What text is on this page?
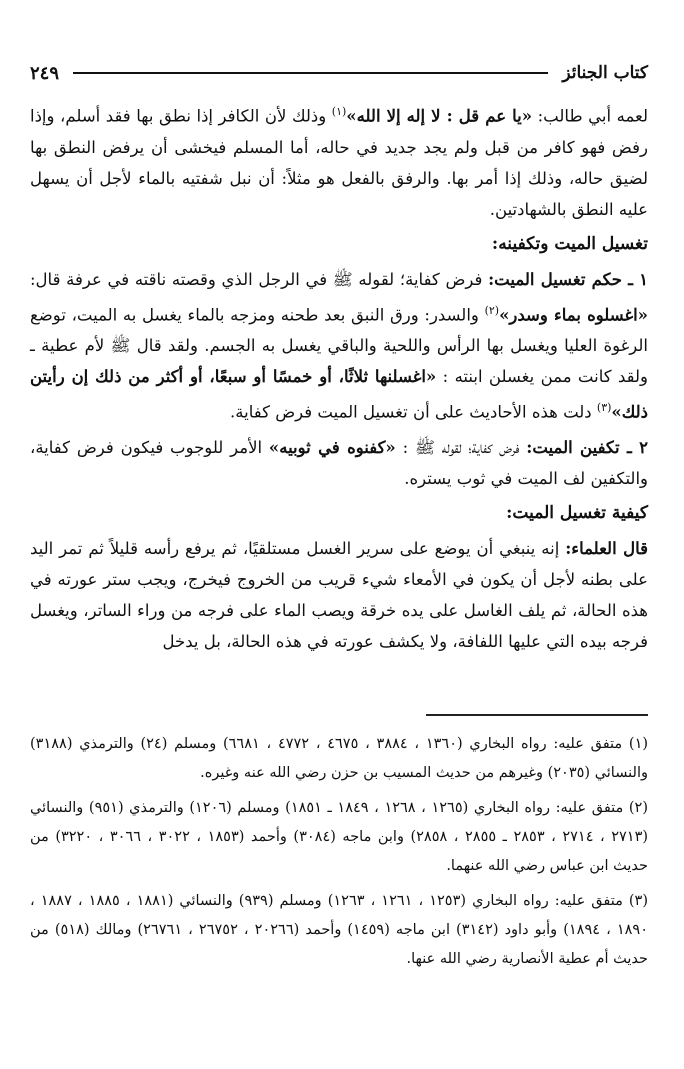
كتاب الجنائز
٢٤٩

لعمه أبي طالب: «يا عم قل : لا إله إلا الله»$^{(١)}$ وذلك لأن الكافر إذا نطق بها فقد أسلم، وإذا رفض فهو كافر من قبل ولم يجد جديد في حاله، أما المسلم فيخشى أن يرفض النطق بها لضيق حاله، وذلك إذا أمر بها. والرفق بالفعل هو مثلاً: أن نبل شفتيه بالماء لأجل أن يسهل عليه النطق بالشهادتين.

تغسيل الميت وتكفينه:

١ ـ حكم تغسيل الميت: فرض كفاية؛ لقوله ﷺ في الرجل الذي وقصته ناقته في عرفة قال: «اغسلوه بماء وسدر»$^{(٢)}$ والسدر: ورق النبق بعد طحنه ومزجه بالماء يغسل به الميت، توضع الرغوة العليا ويغسل بها الرأس واللحية والباقي يغسل به الجسم. ولقد قال ﷺ لأم عطية ـ ولقد كانت ممن يغسلن ابنته : «اغسلنها ثلاثًا، أو خمسًا أو سبعًا، أو أكثر من ذلك إن رأيتن ذلك»$^{(٣)}$ دلت هذه الأحاديث على أن تغسيل الميت فرض كفاية.

٢ ـ تكفين الميت: فرض كفاية؛ لقوله ﷺ : «كفنوه في ثوبيه» الأمر للوجوب فيكون فرض كفاية، والتكفين لف الميت في ثوب يستره.

كيفية تغسيل الميت:

قال العلماء: إنه ينبغي أن يوضع على سرير الغسل مستلقيًا، ثم يرفع رأسه قليلاً ثم تمر اليد على بطنه لأجل أن يكون في الأمعاء شيء قريب من الخروج فيخرج، ويجب ستر عورته في هذه الحالة، ثم يلف الغاسل على يده خرقة ويصب الماء على فرجه من وراء الساتر، ويغسل فرجه بيده التي عليها اللفافة، ولا يكشف عورته في هذه الحالة، بل يدخل

(١) متفق عليه: رواه البخاري (١٣٦٠ ، ٣٨٨٤ ، ٤٦٧٥ ، ٤٧٧٢ ، ٦٦٨١) ومسلم (٢٤) والترمذي (٣١٨٨) والنسائي (٢٠٣٥) وغيرهم من حديث المسيب بن حزن رضي الله عنه وغيره.

(٢) متفق عليه: رواه البخاري (١٢٦٥ ، ١٢٦٨ ، ١٨٤٩ ـ ١٨٥١) ومسلم (١٢٠٦) والترمذي (٩٥١) والنسائي (٢٧١٣ ، ٢٧١٤ ، ٢٨٥٣ ـ ٢٨٥٥ ، ٢٨٥٨) وابن ماجه (٣٠٨٤) وأحمد (١٨٥٣ ، ٣٠٢٢ ، ٣٠٦٦ ، ٣٢٢٠) من حديث ابن عباس رضي الله عنهما.

(٣) متفق عليه: رواه البخاري (١٢٥٣ ، ١٢٦١ ، ١٢٦٣) ومسلم (٩٣٩) والنسائي (١٨٨١ ، ١٨٨٥ ، ١٨٨٧ ، ١٨٩٠ ، ١٨٩٤) وأبو داود (٣١٤٢) ابن ماجه (١٤٥٩) وأحمد (٢٠٢٦٦ ، ٢٦٧٥٢ ، ٢٦٧٦١) ومالك (٥١٨) من حديث أم عطية الأنصارية رضي الله عنها.
